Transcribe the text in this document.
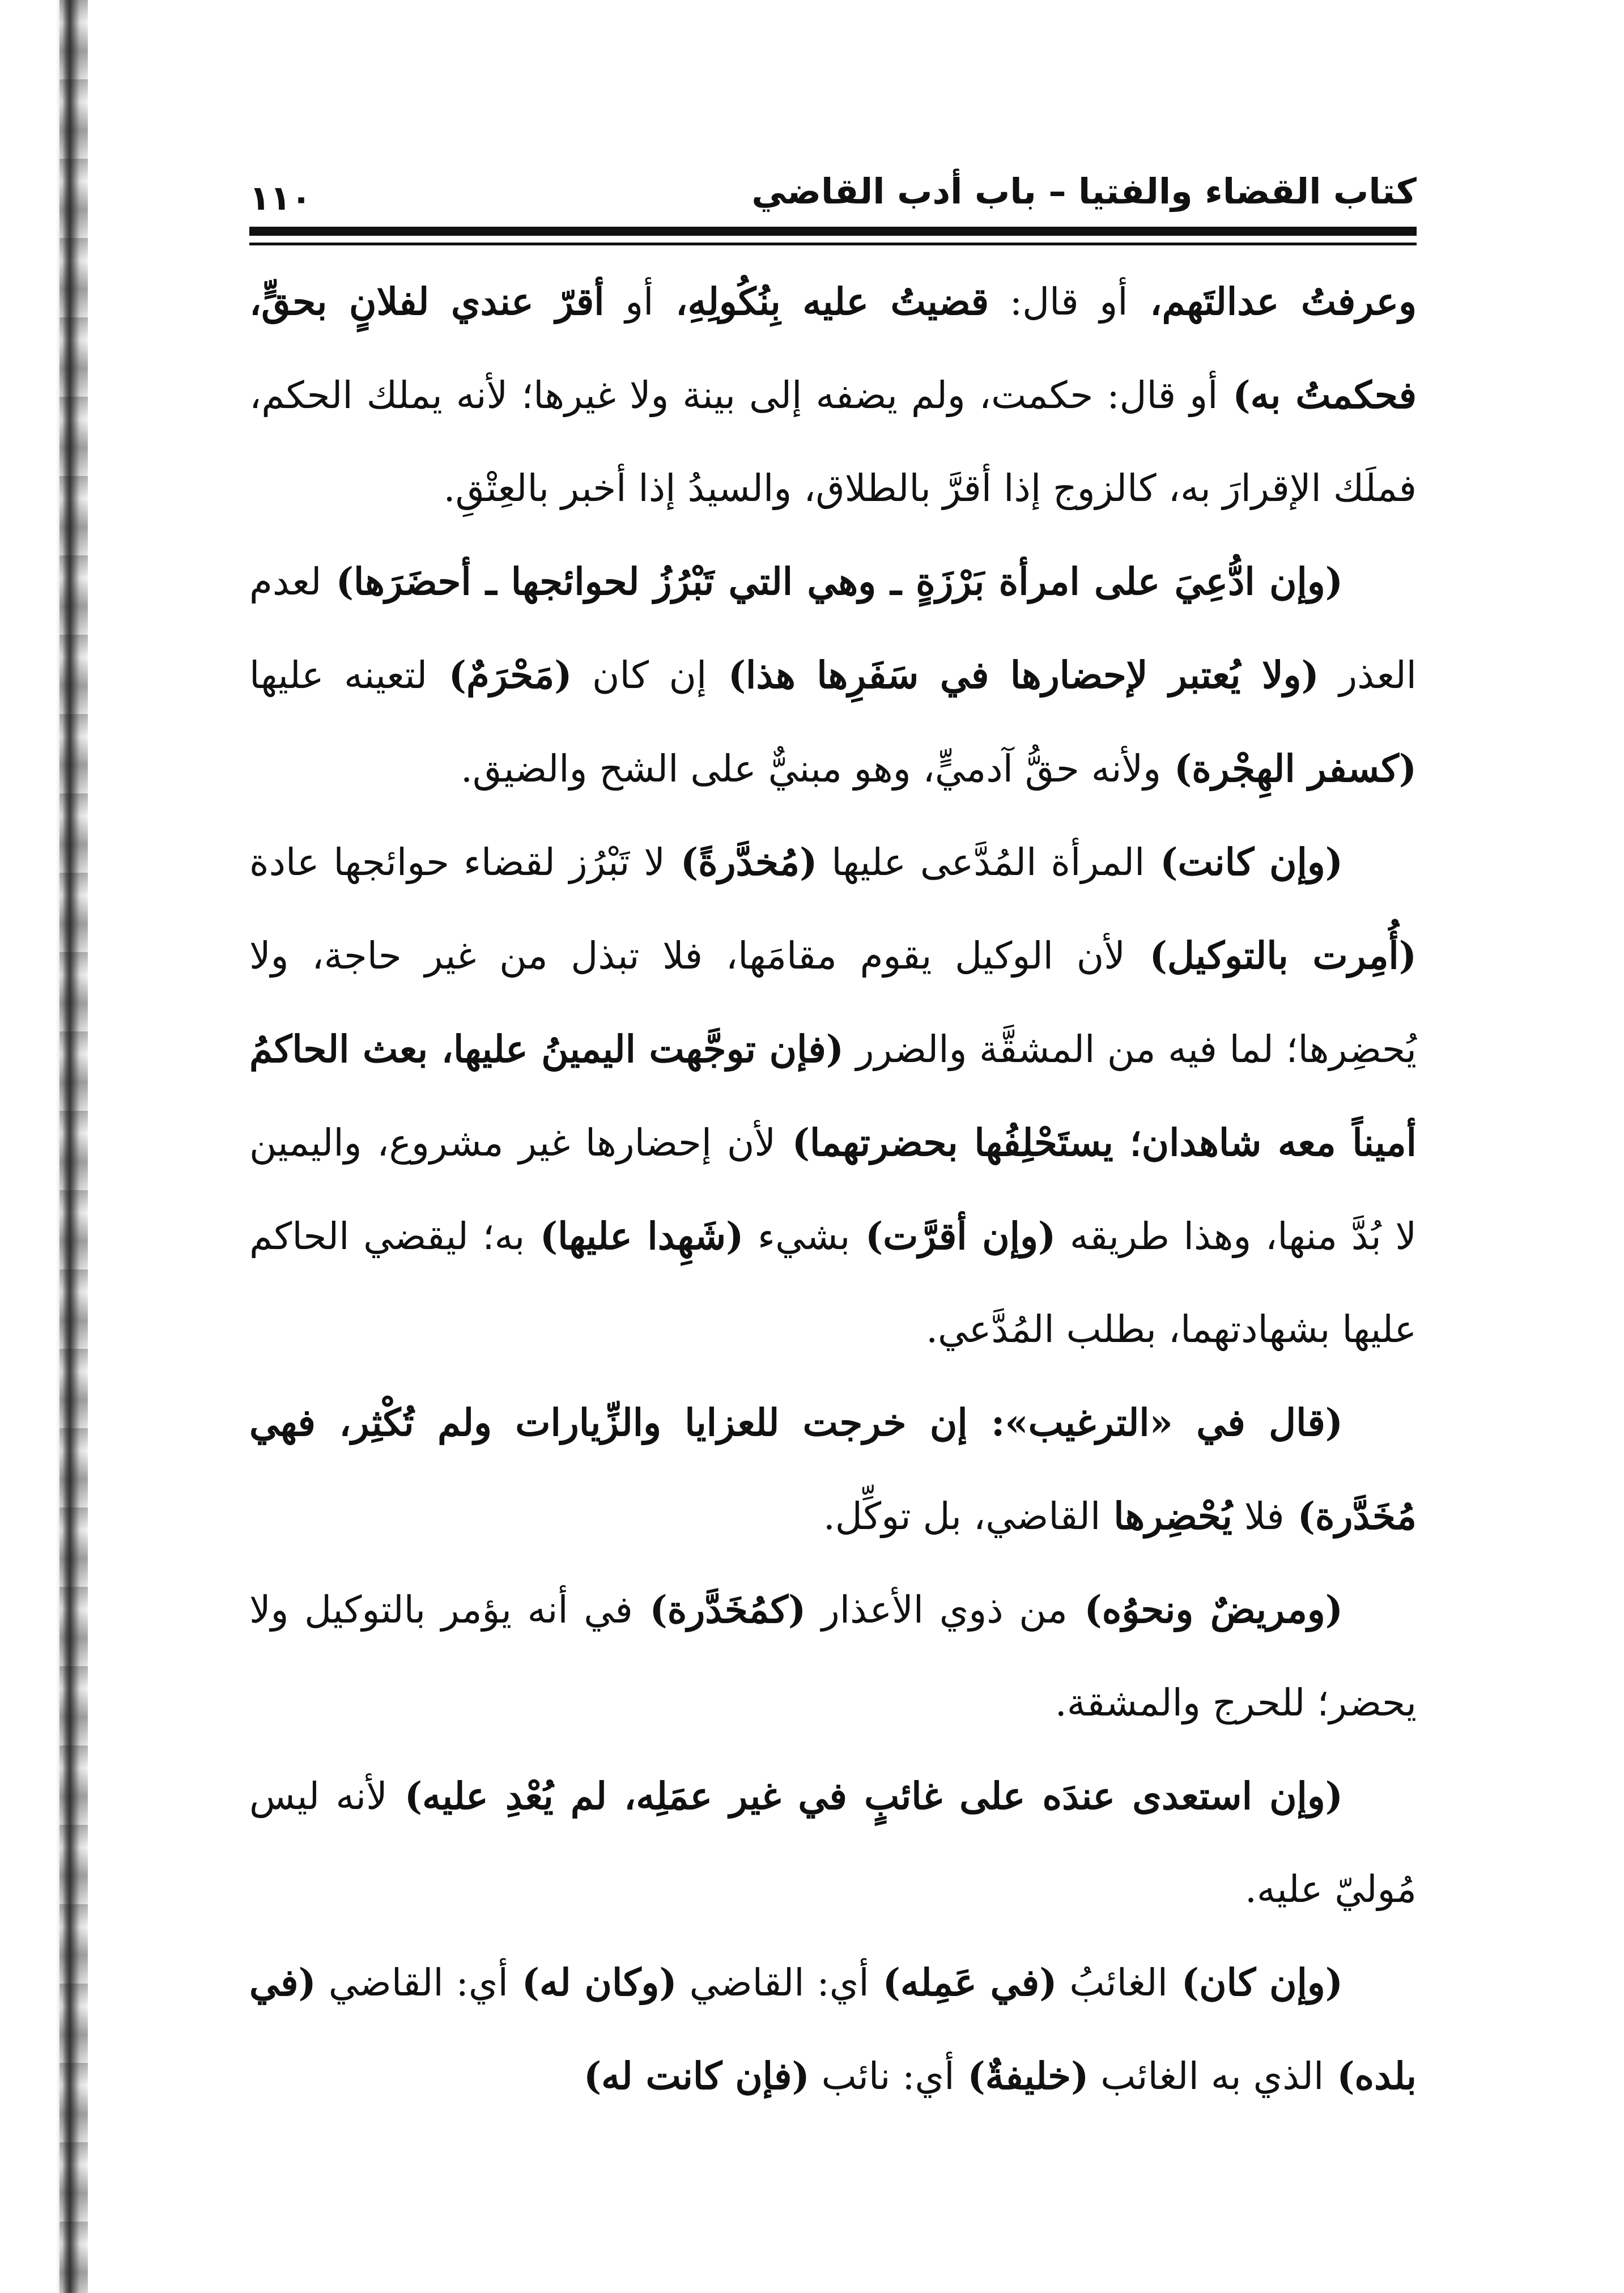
كتاب القضاء والفتيا – باب أدب القاضي
١١٠

وعرفتُ عدالتَهم، أو قال: قضيتُ عليه بِنُكُولِهِ، أو أقرّ عندي لفلانٍ بحقٍّ، فحكمتُ به) أو قال: حكمت، ولم يضفه إلى بينة ولا غيرها؛ لأنه يملك الحكم، فملَك الإقرارَ به، كالزوج إذا أقرَّ بالطلاق، والسيدُ إذا أخبر بالعِتْقِ.

(وإن ادُّعِيَ على امرأة بَرْزَةٍ ـ وهي التي تَبْرُزُ لحوائجها ـ أحضَرَها) لعدم العذر (ولا يُعتبر لإحضارها في سَفَرِها هذا) إن كان (مَحْرَمٌ) لتعينه عليها (كسفر الهِجْرة) ولأنه حقُّ آدميٍّ، وهو مبنيٌّ على الشح والضيق.

(وإن كانت) المرأة المُدَّعى عليها (مُخدَّرةً) لا تَبْرُز لقضاء حوائجها عادة (أُمِرت بالتوكيل) لأن الوكيل يقوم مقامَها، فلا تبذل من غير حاجة، ولا يُحضِرها؛ لما فيه من المشقَّة والضرر (فإن توجَّهت اليمينُ عليها، بعث الحاكمُ أميناً معه شاهدان؛ يستَحْلِفُها بحضرتهما) لأن إحضارها غير مشروع، واليمين لا بُدَّ منها، وهذا طريقه (وإن أقرَّت) بشيء (شَهِدا عليها) به؛ ليقضي الحاكم عليها بشهادتهما، بطلب المُدَّعي.

(قال في «الترغيب»: إن خرجت للعزايا والزِّيارات ولم تُكْثِر، فهي مُخَدَّرة) فلا يُحْضِرها القاضي، بل توكِّل.

(ومريضٌ ونحوُه) من ذوي الأعذار (كمُخَدَّرة) في أنه يؤمر بالتوكيل ولا يحضر؛ للحرج والمشقة.

(وإن استعدى عندَه على غائبٍ في غير عمَلِه، لم يُعْدِ عليه) لأنه ليس مُوليّ عليه.

(وإن كان) الغائبُ (في عَمِله) أي: القاضي (وكان له) أي: القاضي (في بلده) الذي به الغائب (خليفةٌ) أي: نائب (فإن كانت له)
